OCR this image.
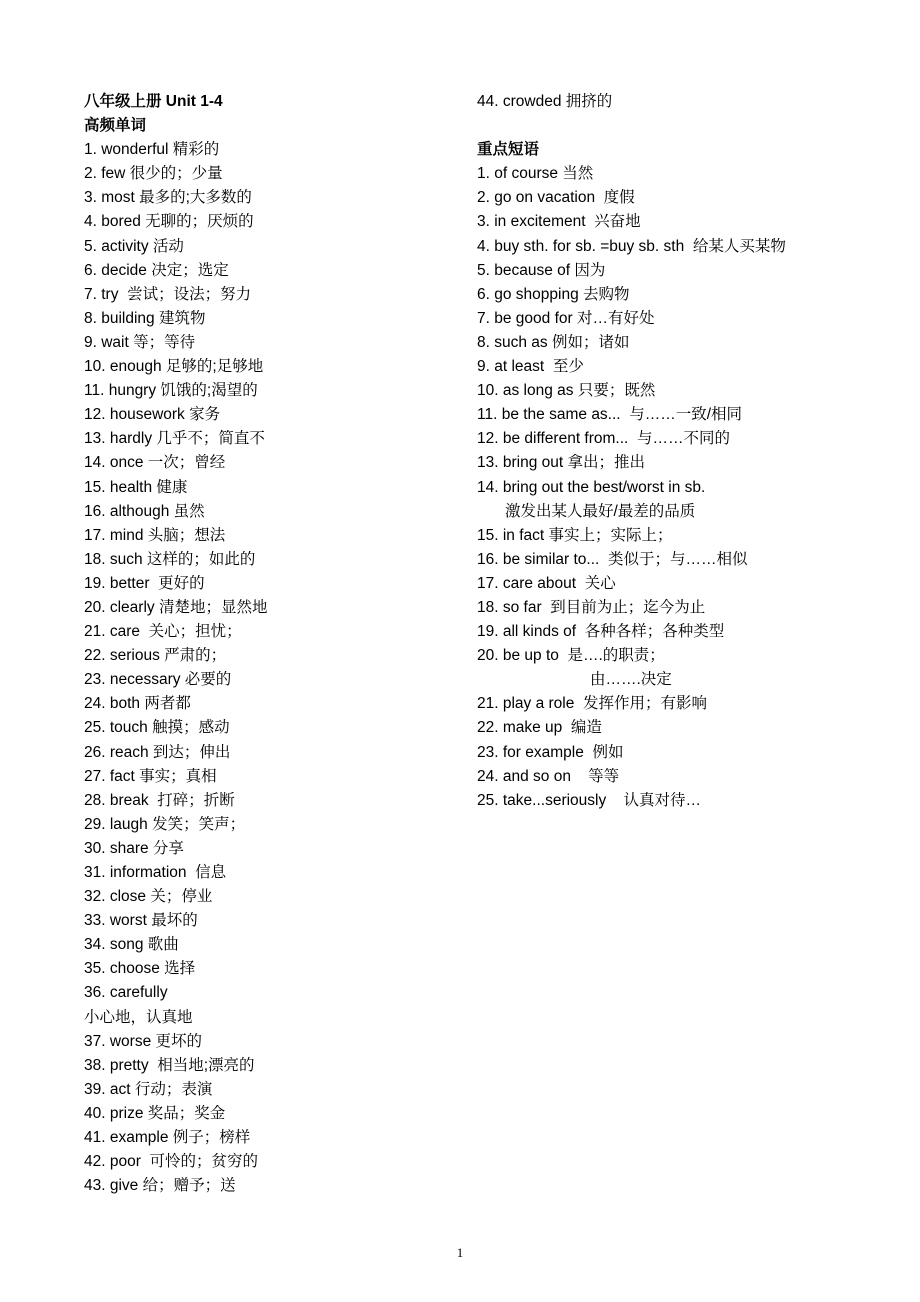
八年级上册 Unit 1-4
高频单词
1. wonderful 精彩的
2. few 很少的；少量
3. most 最多的;大多数的
4. bored 无聊的；厌烦的
5. activity 活动
6. decide 决定；选定
7. try  尝试；设法；努力
8. building 建筑物
9. wait 等；等待
10. enough 足够的;足够地
11. hungry 饥饿的;渴望的
12. housework 家务
13. hardly 几乎不；简直不
14. once 一次；曾经
15. health 健康
16. although 虽然
17. mind 头脑；想法
18. such 这样的；如此的
19. better  更好的
20. clearly 清楚地；显然地
21. care  关心；担忧；
22. serious 严肃的；
23. necessary 必要的
24. both 两者都
25. touch 触摸；感动
26. reach 到达；伸出
27. fact 事实；真相
28. break  打碎；折断
29. laugh 发笑；笑声；
30. share 分享
31. information  信息
32. close 关；停业
33. worst 最坏的
34. song 歌曲
35. choose 选择
36. carefully
小心地，认真地
37. worse 更坏的
38. pretty  相当地;漂亮的
39. act 行动；表演
40. prize 奖品；奖金
41. example 例子；榜样
42. poor  可怜的；贫穷的
43. give 给；赠予；送
44. crowded 拥挤的
重点短语
1. of course 当然
2. go on vacation  度假
3. in excitement  兴奋地
4. buy sth. for sb. =buy sb. sth  给某人买某物
5. because of 因为
6. go shopping 去购物
7. be good for 对…有好处
8. such as 例如；诸如
9. at least  至少
10. as long as 只要；既然
11. be the same as...  与……一致/相同
12. be different from...  与……不同的
13. bring out 拿出；推出
14. bring out the best/worst in sb.
激发出某人最好/最差的品质
15. in fact 事实上；实际上；
16. be similar to...  类似于；与……相似
17. care about  关心
18. so far  到目前为止；迄今为止
19. all kinds of  各种各样；各种类型
20. be up to  是….的职责；
由…….决定
21. play a role  发挥作用；有影响
22. make up  编造
23. for example  例如
24. and so on    等等
25. take...seriously    认真对待…
1
